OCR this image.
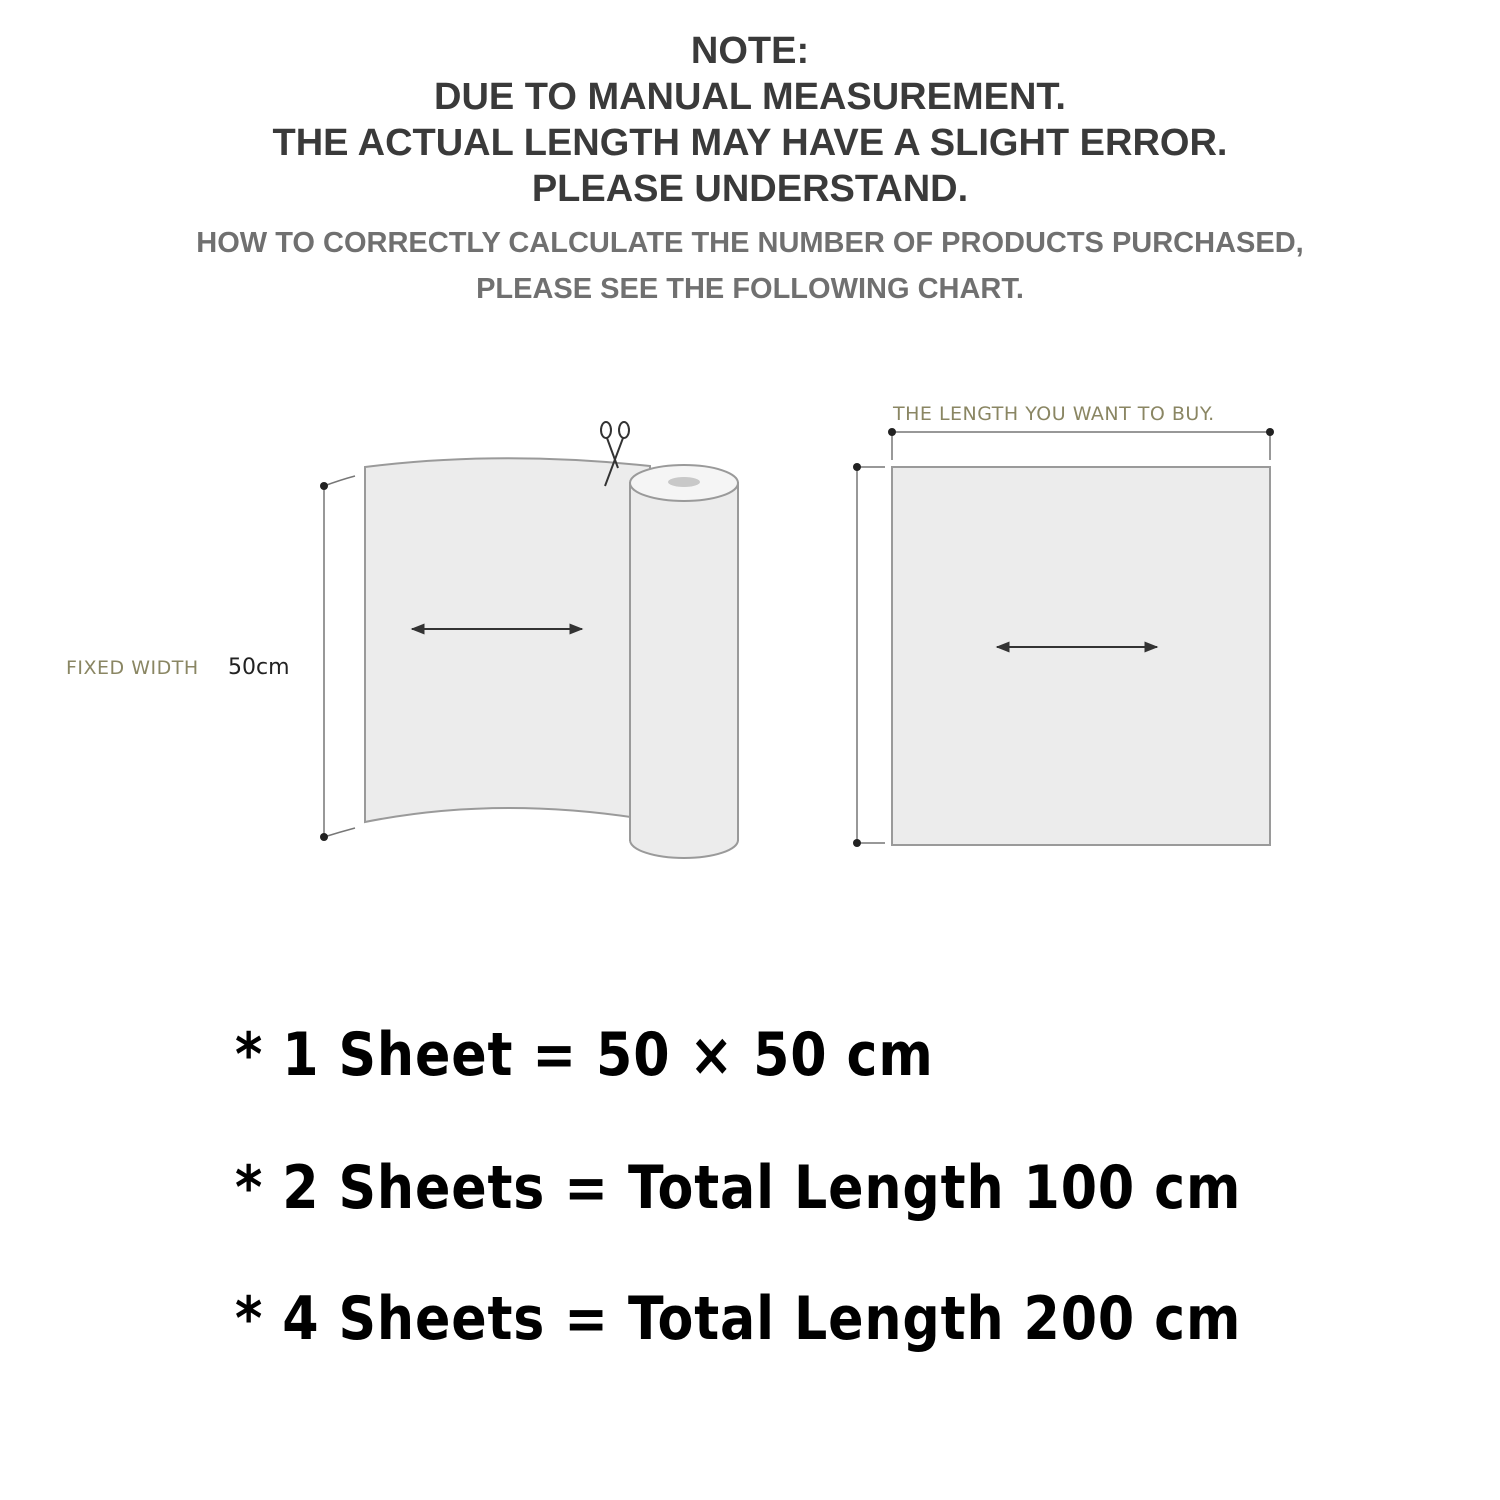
NOTE:
DUE TO MANUAL MEASUREMENT.
THE ACTUAL LENGTH MAY HAVE A SLIGHT ERROR.
PLEASE UNDERSTAND.
HOW TO CORRECTLY CALCULATE THE NUMBER OF PRODUCTS PURCHASED,
PLEASE SEE THE FOLLOWING CHART.
FIXED WIDTH 50cm
THE LENGTH YOU WANT TO BUY.
* 1 Sheet = 50 × 50 cm
* 2 Sheets = Total Length 100 cm
* 4 Sheets = Total Length 200 cm
